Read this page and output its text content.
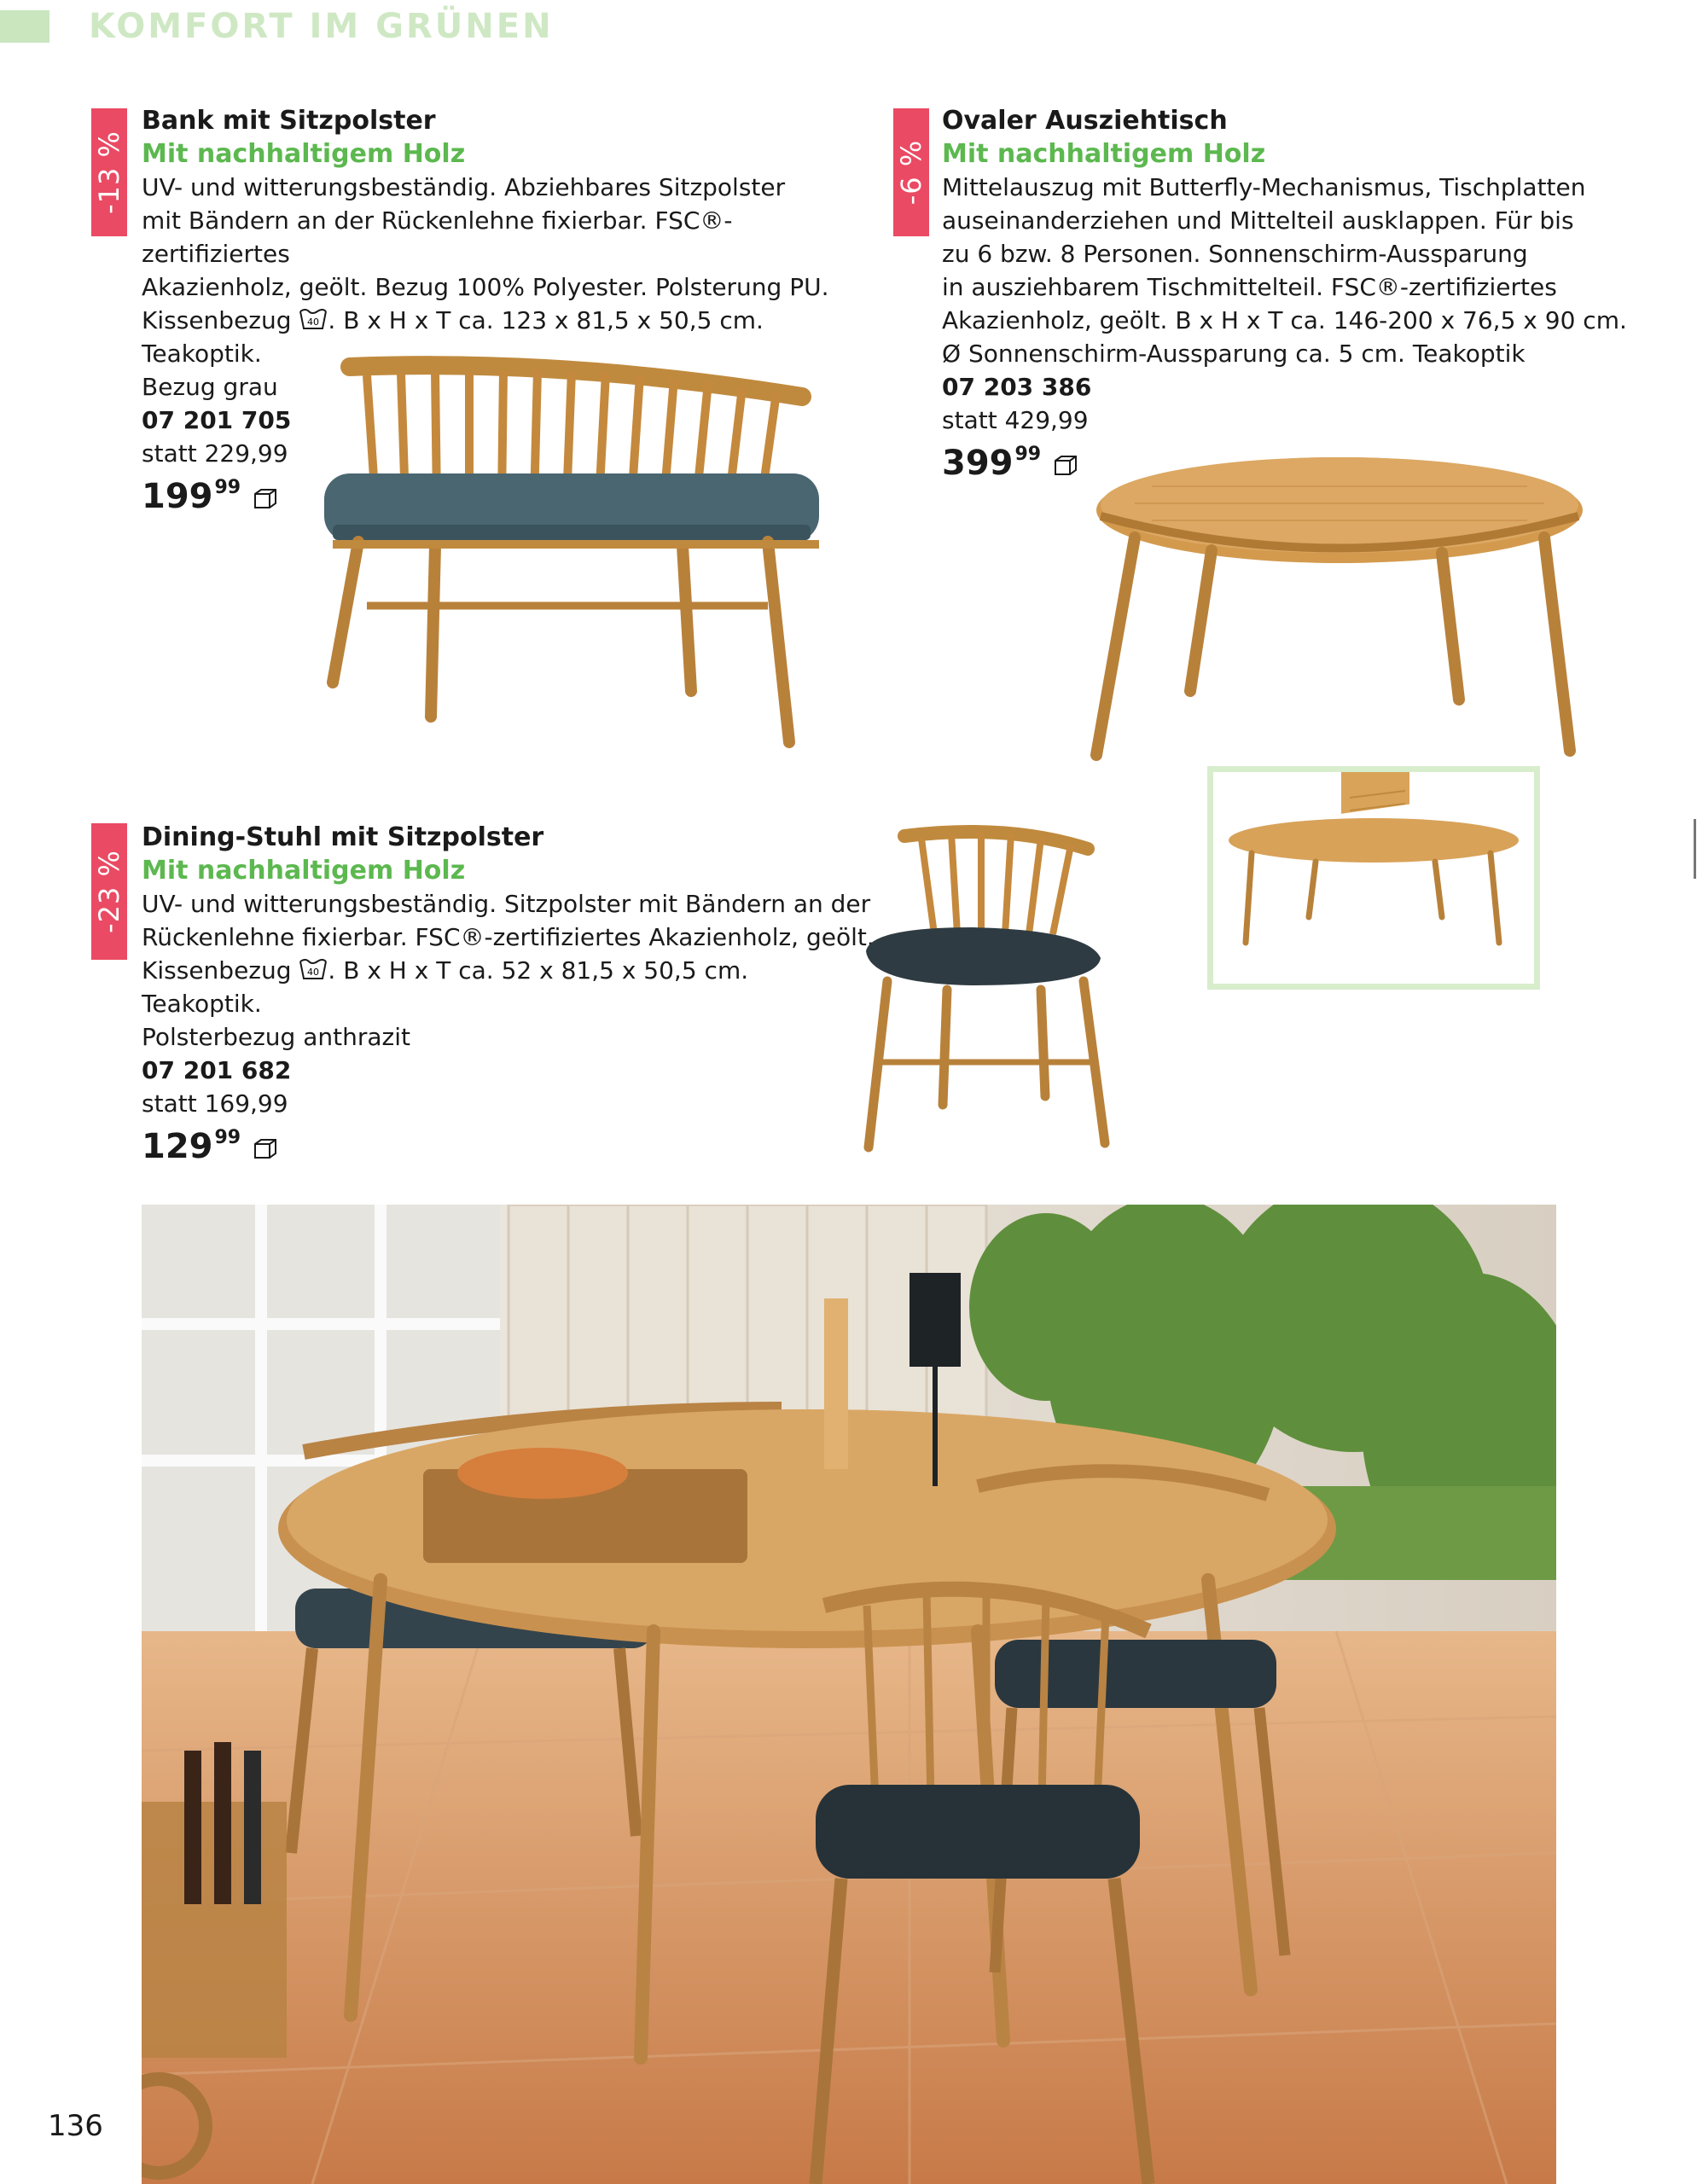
KOMFORT IM GRÜNEN
-13 %
Bank mit Sitzpolster
Mit nachhaltigem Holz
UV- und witterungsbeständig. Abziehbares Sitzpolster
mit Bändern an der Rückenlehne fixierbar. FSC®-zertifiziertes
Akazienholz, geölt. Bezug 100% Polyester. Polsterung PU.
Kissenbezug 40 . B x H x T ca. 123 x 81,5 x 50,5 cm. Teakoptik.
Bezug grau
07 201 705
statt 229,99
199 99
-6 %
Ovaler Ausziehtisch
Mit nachhaltigem Holz
Mittelauszug mit Butterfly-Mechanismus, Tischplatten
auseinanderziehen und Mittelteil ausklappen. Für bis
zu 6 bzw. 8 Personen. Sonnenschirm-Aussparung
in ausziehbarem Tischmittelteil. FSC®-zertifiziertes
Akazienholz, geölt. B x H x T ca. 146-200 x 76,5 x 90 cm.
Ø Sonnenschirm-Aussparung ca. 5 cm. Teakoptik
07 203 386
statt 429,99
399 99
-23 %
Dining-Stuhl mit Sitzpolster
Mit nachhaltigem Holz
UV- und witterungsbeständig. Sitzpolster mit Bändern an der
Rückenlehne fixierbar. FSC®-zertifiziertes Akazienholz, geölt.
Kissenbezug 40 . B x H x T ca. 52 x 81,5 x 50,5 cm. Teakoptik.
Polsterbezug anthrazit
07 201 682
statt 169,99
129 99
136
